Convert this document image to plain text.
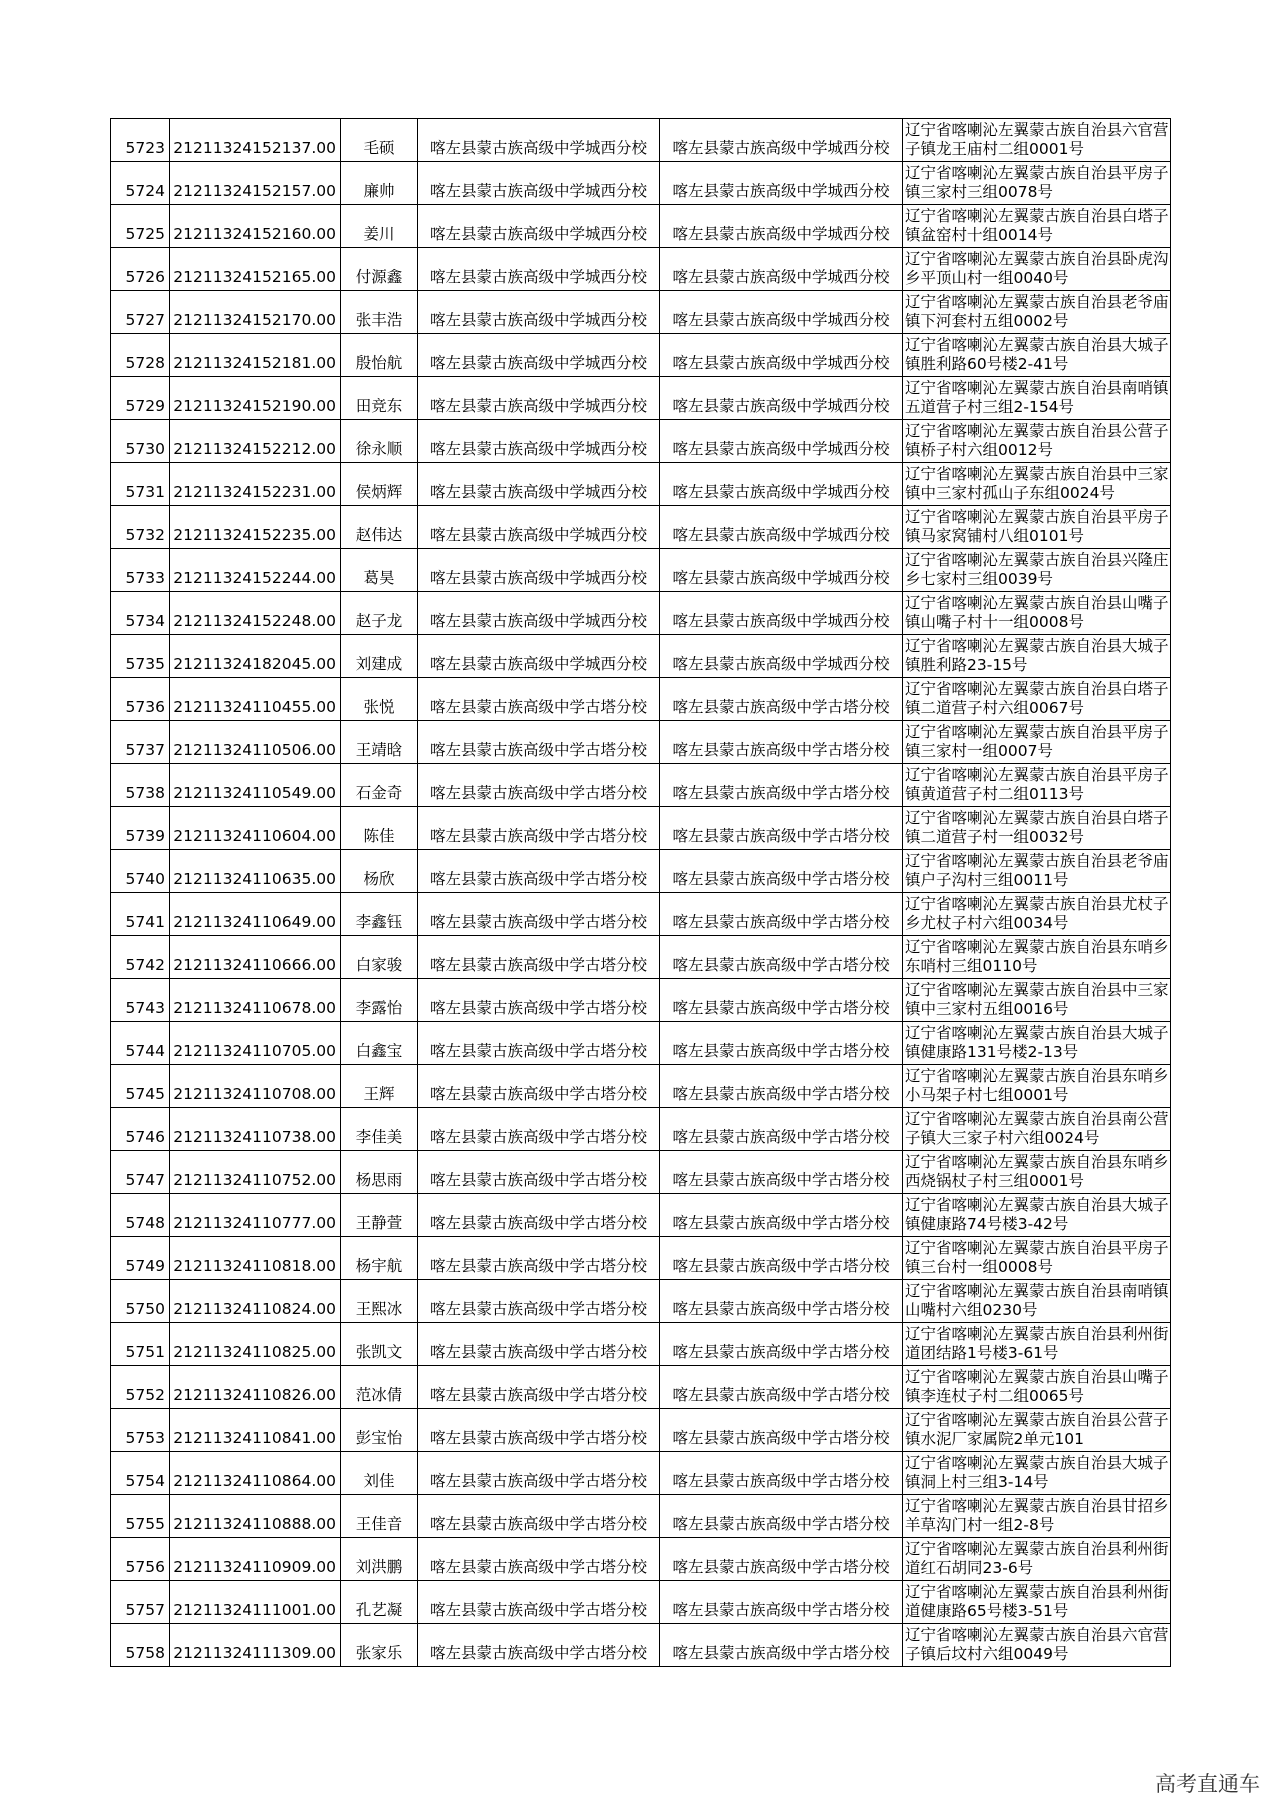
5723	21211324152137.00	毛硕	喀左县蒙古族高级中学城西分校	喀左县蒙古族高级中学城西分校	辽宁省喀喇沁左翼蒙古族自治县六官营子镇龙王庙村二组0001号
5724	21211324152157.00	廉帅	喀左县蒙古族高级中学城西分校	喀左县蒙古族高级中学城西分校	辽宁省喀喇沁左翼蒙古族自治县平房子镇三家村三组0078号
5725	21211324152160.00	姜川	喀左县蒙古族高级中学城西分校	喀左县蒙古族高级中学城西分校	辽宁省喀喇沁左翼蒙古族自治县白塔子镇盆窑村十组0014号
5726	21211324152165.00	付源鑫	喀左县蒙古族高级中学城西分校	喀左县蒙古族高级中学城西分校	辽宁省喀喇沁左翼蒙古族自治县卧虎沟乡平顶山村一组0040号
5727	21211324152170.00	张丰浩	喀左县蒙古族高级中学城西分校	喀左县蒙古族高级中学城西分校	辽宁省喀喇沁左翼蒙古族自治县老爷庙镇下河套村五组0002号
5728	21211324152181.00	殷怡航	喀左县蒙古族高级中学城西分校	喀左县蒙古族高级中学城西分校	辽宁省喀喇沁左翼蒙古族自治县大城子镇胜利路60号楼2-41号
5729	21211324152190.00	田竞东	喀左县蒙古族高级中学城西分校	喀左县蒙古族高级中学城西分校	辽宁省喀喇沁左翼蒙古族自治县南哨镇五道营子村三组2-154号
5730	21211324152212.00	徐永顺	喀左县蒙古族高级中学城西分校	喀左县蒙古族高级中学城西分校	辽宁省喀喇沁左翼蒙古族自治县公营子镇桥子村六组0012号
5731	21211324152231.00	侯炳辉	喀左县蒙古族高级中学城西分校	喀左县蒙古族高级中学城西分校	辽宁省喀喇沁左翼蒙古族自治县中三家镇中三家村孤山子东组0024号
5732	21211324152235.00	赵伟达	喀左县蒙古族高级中学城西分校	喀左县蒙古族高级中学城西分校	辽宁省喀喇沁左翼蒙古族自治县平房子镇马家窝铺村八组0101号
5733	21211324152244.00	葛昊	喀左县蒙古族高级中学城西分校	喀左县蒙古族高级中学城西分校	辽宁省喀喇沁左翼蒙古族自治县兴隆庄乡七家村三组0039号
5734	21211324152248.00	赵子龙	喀左县蒙古族高级中学城西分校	喀左县蒙古族高级中学城西分校	辽宁省喀喇沁左翼蒙古族自治县山嘴子镇山嘴子村十一组0008号
5735	21211324182045.00	刘建成	喀左县蒙古族高级中学城西分校	喀左县蒙古族高级中学城西分校	辽宁省喀喇沁左翼蒙古族自治县大城子镇胜利路23-15号
5736	21211324110455.00	张悦	喀左县蒙古族高级中学古塔分校	喀左县蒙古族高级中学古塔分校	辽宁省喀喇沁左翼蒙古族自治县白塔子镇二道营子村六组0067号
5737	21211324110506.00	王靖晗	喀左县蒙古族高级中学古塔分校	喀左县蒙古族高级中学古塔分校	辽宁省喀喇沁左翼蒙古族自治县平房子镇三家村一组0007号
5738	21211324110549.00	石金奇	喀左县蒙古族高级中学古塔分校	喀左县蒙古族高级中学古塔分校	辽宁省喀喇沁左翼蒙古族自治县平房子镇黄道营子村二组0113号
5739	21211324110604.00	陈佳	喀左县蒙古族高级中学古塔分校	喀左县蒙古族高级中学古塔分校	辽宁省喀喇沁左翼蒙古族自治县白塔子镇二道营子村一组0032号
5740	21211324110635.00	杨欣	喀左县蒙古族高级中学古塔分校	喀左县蒙古族高级中学古塔分校	辽宁省喀喇沁左翼蒙古族自治县老爷庙镇户子沟村三组0011号
5741	21211324110649.00	李鑫钰	喀左县蒙古族高级中学古塔分校	喀左县蒙古族高级中学古塔分校	辽宁省喀喇沁左翼蒙古族自治县尤杖子乡尤杖子村六组0034号
5742	21211324110666.00	白家骏	喀左县蒙古族高级中学古塔分校	喀左县蒙古族高级中学古塔分校	辽宁省喀喇沁左翼蒙古族自治县东哨乡东哨村三组0110号
5743	21211324110678.00	李露怡	喀左县蒙古族高级中学古塔分校	喀左县蒙古族高级中学古塔分校	辽宁省喀喇沁左翼蒙古族自治县中三家镇中三家村五组0016号
5744	21211324110705.00	白鑫宝	喀左县蒙古族高级中学古塔分校	喀左县蒙古族高级中学古塔分校	辽宁省喀喇沁左翼蒙古族自治县大城子镇健康路131号楼2-13号
5745	21211324110708.00	王辉	喀左县蒙古族高级中学古塔分校	喀左县蒙古族高级中学古塔分校	辽宁省喀喇沁左翼蒙古族自治县东哨乡小马架子村七组0001号
5746	21211324110738.00	李佳美	喀左县蒙古族高级中学古塔分校	喀左县蒙古族高级中学古塔分校	辽宁省喀喇沁左翼蒙古族自治县南公营子镇大三家子村六组0024号
5747	21211324110752.00	杨思雨	喀左县蒙古族高级中学古塔分校	喀左县蒙古族高级中学古塔分校	辽宁省喀喇沁左翼蒙古族自治县东哨乡西烧锅杖子村三组0001号
5748	21211324110777.00	王静萱	喀左县蒙古族高级中学古塔分校	喀左县蒙古族高级中学古塔分校	辽宁省喀喇沁左翼蒙古族自治县大城子镇健康路74号楼3-42号
5749	21211324110818.00	杨宇航	喀左县蒙古族高级中学古塔分校	喀左县蒙古族高级中学古塔分校	辽宁省喀喇沁左翼蒙古族自治县平房子镇三台村一组0008号
5750	21211324110824.00	王熙冰	喀左县蒙古族高级中学古塔分校	喀左县蒙古族高级中学古塔分校	辽宁省喀喇沁左翼蒙古族自治县南哨镇山嘴村六组0230号
5751	21211324110825.00	张凯文	喀左县蒙古族高级中学古塔分校	喀左县蒙古族高级中学古塔分校	辽宁省喀喇沁左翼蒙古族自治县利州街道团结路1号楼3-61号
5752	21211324110826.00	范冰倩	喀左县蒙古族高级中学古塔分校	喀左县蒙古族高级中学古塔分校	辽宁省喀喇沁左翼蒙古族自治县山嘴子镇李连杖子村二组0065号
5753	21211324110841.00	彭宝怡	喀左县蒙古族高级中学古塔分校	喀左县蒙古族高级中学古塔分校	辽宁省喀喇沁左翼蒙古族自治县公营子镇水泥厂家属院2单元101
5754	21211324110864.00	刘佳	喀左县蒙古族高级中学古塔分校	喀左县蒙古族高级中学古塔分校	辽宁省喀喇沁左翼蒙古族自治县大城子镇洞上村三组3-14号
5755	21211324110888.00	王佳音	喀左县蒙古族高级中学古塔分校	喀左县蒙古族高级中学古塔分校	辽宁省喀喇沁左翼蒙古族自治县甘招乡羊草沟门村一组2-8号
5756	21211324110909.00	刘洪鹏	喀左县蒙古族高级中学古塔分校	喀左县蒙古族高级中学古塔分校	辽宁省喀喇沁左翼蒙古族自治县利州街道红石胡同23-6号
5757	21211324111001.00	孔艺凝	喀左县蒙古族高级中学古塔分校	喀左县蒙古族高级中学古塔分校	辽宁省喀喇沁左翼蒙古族自治县利州街道健康路65号楼3-51号
5758	21211324111309.00	张家乐	喀左县蒙古族高级中学古塔分校	喀左县蒙古族高级中学古塔分校	辽宁省喀喇沁左翼蒙古族自治县六官营子镇后坟村六组0049号
高考直通车
